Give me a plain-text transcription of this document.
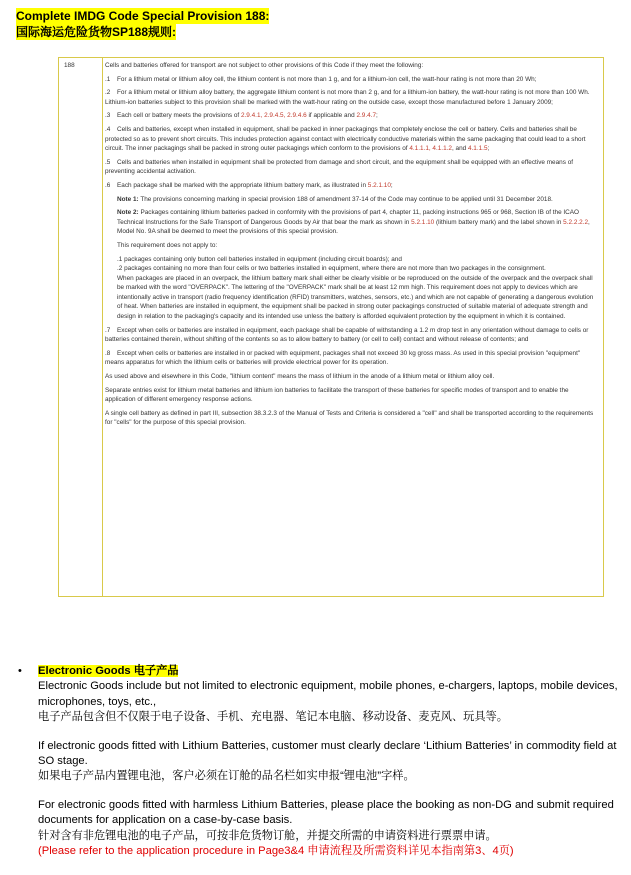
Complete IMDG Code Special Provision 188:
国际海运危险货物SP188规则:
188	Cells and batteries offered for transport are not subject to other provisions of this Code if they meet the following:

.1 For a lithium metal or lithium alloy cell, the lithium content is not more than 1 g, and for a lithium-ion cell, the watt-hour rating is not more than 20 Wh;

.2 For a lithium metal or lithium alloy battery, the aggregate lithium content is not more than 2 g, and for a lithium-ion battery, the watt-hour rating is not more than 100 Wh. Lithium-ion batteries subject to this provision shall be marked with the watt-hour rating on the outside case, except those manufactured before 1 January 2009;

.3 Each cell or battery meets the provisions of 2.9.4.1, 2.9.4.5, 2.9.4.6 if applicable and 2.9.4.7;

.4 Cells and batteries, except when installed in equipment, shall be packed in inner packagings that completely enclose the cell or battery. Cells and batteries shall be protected so as to prevent short circuits. This includes protection against contact with electrically conductive materials within the same packaging that could lead to a short circuit. The inner packagings shall be packed in strong outer packagings which conform to the provisions of 4.1.1.1, 4.1.1.2, and 4.1.1.5;

.5 Cells and batteries when installed in equipment shall be protected from damage and short circuit, and the equipment shall be equipped with an effective means of preventing accidental activation.

.6 Each package shall be marked with the appropriate lithium battery mark, as illustrated in 5.2.1.10;

Note 1: The provisions concerning marking in special provision 188 of amendment 37-14 of the Code may continue to be applied until 31 December 2018.

Note 2: Packages containing lithium batteries packed in conformity with the provisions of part 4, chapter 11, packing instructions 965 or 968, Section IB of the ICAO Technical Instructions for the Safe Transport of Dangerous Goods by Air that bear the mark as shown in 5.2.1.10 (lithium battery mark) and the label shown in 5.2.2.2.2, Model No. 9A shall be deemed to meet the provisions of this special provision.

This requirement does not apply to:

.1 packages containing only button cell batteries installed in equipment (including circuit boards); and

.2 packages containing no more than four cells or two batteries installed in equipment, where there are not more than two packages in the consignment.

When packages are placed in an overpack, the lithium battery mark shall either be clearly visible or be reproduced on the outside of the overpack and the overpack shall be marked with the word "OVERPACK". The lettering of the "OVERPACK" mark shall be at least 12 mm high. This requirement does not apply to devices which are intentionally active in transport (radio frequency identification (RFID) transmitters, watches, sensors, etc.) and which are not capable of generating a dangerous evolution of heat. When batteries are installed in equipment, the equipment shall be packed in strong outer packagings constructed of suitable material of adequate strength and design in relation to the packaging's capacity and its intended use unless the battery is afforded equivalent protection by the equipment in which it is contained.

.7 Except when cells or batteries are installed in equipment, each package shall be capable of withstanding a 1.2 m drop test in any orientation without damage to cells or batteries contained therein, without shifting of the contents so as to allow battery to battery (or cell to cell) contact and without release of contents; and

.8 Except when cells or batteries are installed in or packed with equipment, packages shall not exceed 30 kg gross mass. As used in this special provision "equipment" means apparatus for which the lithium cells or batteries will provide electrical power for its operation.

As used above and elsewhere in this Code, "lithium content" means the mass of lithium in the anode of a lithium metal or lithium alloy cell.

Separate entries exist for lithium metal batteries and lithium ion batteries to facilitate the transport of these batteries for specific modes of transport and to enable the application of different emergency response actions.

A single cell battery as defined in part III, subsection 38.3.2.3 of the Manual of Tests and Criteria is considered a "cell" and shall be transported according to the requirements for "cells" for the purpose of this special provision.

• Electronic Goods 电子产品

Electronic Goods include but not limited to electronic equipment, mobile phones, e-chargers, laptops, mobile devices, microphones, toys, etc.,

电子产品包含但不仅限于电子设备、手机、充电器、笔记本电脑、移动设备、麦克风、玩具等。

If electronic goods fitted with Lithium Batteries, customer must clearly declare ‘Lithium Batteries’ in commodity field at SO stage.

如果电子产品内置锂电池，客户必须在订舱的品名栏如实申报“锂电池”字样。

For electronic goods fitted with harmless Lithium Batteries, please place the booking as non-DG and submit required documents for application on a case-by-case basis.

针对含有非危锂电池的电子产品，可按非危货物订舱，并提交所需的申请资料进行票票申请。

(Please refer to the application procedure in Page3&4 申请流程及所需资料详见本指南第3、4页)
